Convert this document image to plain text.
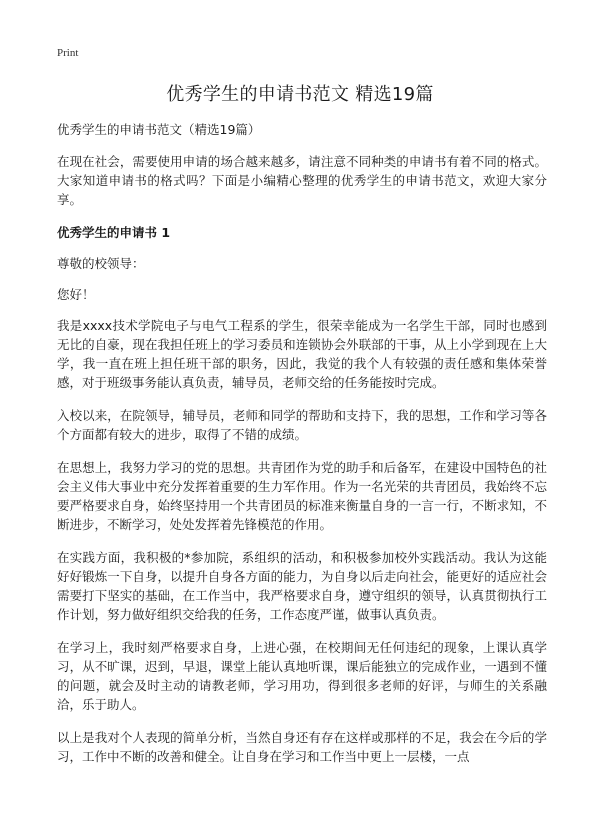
Print
优秀学生的申请书范文 精选19篇

优秀学生的申请书范文（精选19篇）

在现在社会，需要使用申请的场合越来越多，请注意不同种类的申请书有着不同的格式。大家知道申请书的格式吗？下面是小编精心整理的优秀学生的申请书范文，欢迎大家分享。

优秀学生的申请书 1

尊敬的校领导：

您好！

我是xxxx技术学院电子与电气工程系的学生，很荣幸能成为一名学生干部，同时也感到无比的自豪，现在我担任班上的学习委员和连锁协会外联部的干事，从上小学到现在上大学，我一直在班上担任班干部的职务，因此，我觉的我个人有较强的责任感和集体荣誉感，对于班级事务能认真负责，辅导员，老师交给的任务能按时完成。

入校以来，在院领导，辅导员，老师和同学的帮助和支持下，我的思想，工作和学习等各个方面都有较大的进步，取得了不错的成绩。

在思想上，我努力学习的党的思想。共青团作为党的助手和后备军，在建设中国特色的社会主义伟大事业中充分发挥着重要的生力军作用。作为一名光荣的共青团员，我始终不忘要严格要求自身，始终坚持用一个共青团员的标准来衡量自身的一言一行，不断求知，不断进步，不断学习，处处发挥着先锋模范的作用。

在实践方面，我积极的*参加院，系组织的活动，和积极参加校外实践活动。我认为这能好好锻炼一下自身，以提升自身各方面的能力，为自身以后走向社会，能更好的适应社会需要打下坚实的基础，在工作当中，我严格要求自身，遵守组织的领导，认真贯彻执行工作计划，努力做好组织交给我的任务，工作态度严谨，做事认真负责。

在学习上，我时刻严格要求自身，上进心强，在校期间无任何违纪的现象，上课认真学习，从不旷课，迟到，早退，课堂上能认真地听课，课后能独立的完成作业，一遇到不懂的问题，就会及时主动的请教老师，学习用功，得到很多老师的好评，与师生的关系融洽，乐于助人。

以上是我对个人表现的简单分析，当然自身还有存在这样或那样的不足，我会在今后的学习，工作中不断的改善和健全。让自身在学习和工作当中更上一层楼，一点
